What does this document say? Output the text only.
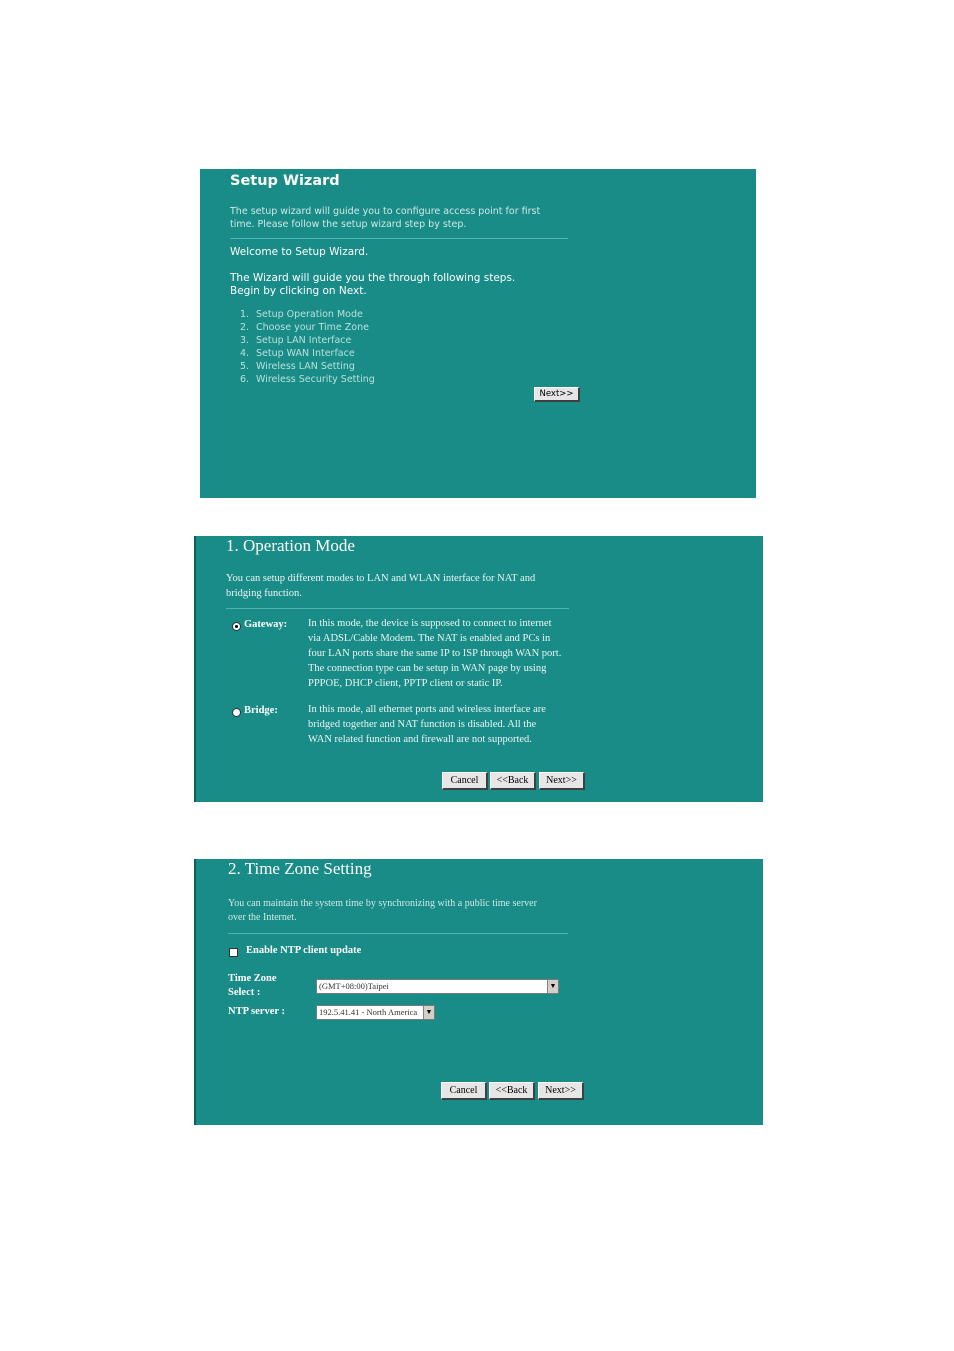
Setup Wizard
The setup wizard will guide you to configure access point for first
time. Please follow the setup wizard step by step.
Welcome to Setup Wizard.
The Wizard will guide you the through following steps.
Begin by clicking on Next.
1. Setup Operation Mode
2. Choose your Time Zone
3. Setup LAN Interface
4. Setup WAN Interface
5. Wireless LAN Setting
6. Wireless Security Setting
Next>>
1. Operation Mode
You can setup different modes to LAN and WLAN interface for NAT and
bridging function.
Gateway: In this mode, the device is supposed to connect to internet
via ADSL/Cable Modem. The NAT is enabled and PCs in
four LAN ports share the same IP to ISP through WAN port.
The connection type can be setup in WAN page by using
PPPOE, DHCP client, PPTP client or static IP.
Bridge:	In this mode, all ethernet ports and wireless interface are
bridged together and NAT function is disabled. All the
WAN related function and firewall are not supported.
Cancel	<<Back	Next>>
2. Time Zone Setting
You can maintain the system time by synchronizing with a public time server
over the Internet.
Enable NTP client update
Time Zone
Select :
(GMT+08:00)Taipei	▼
NTP server :	192.5.41.41 - North America	▼
Cancel	<<Back	Next>>
